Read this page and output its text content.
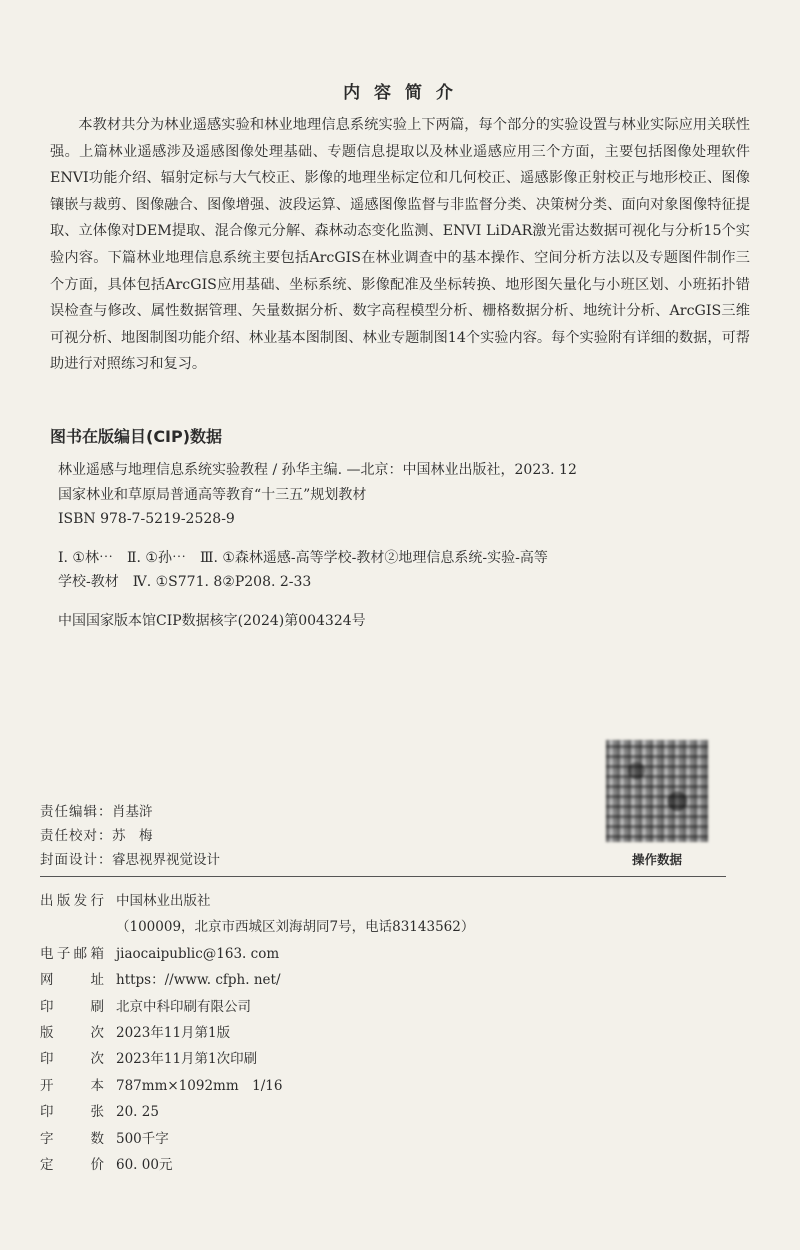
内 容 简 介

本教材共分为林业遥感实验和林业地理信息系统实验上下两篇，每个部分的实验设置与林业实际应用关联性强。上篇林业遥感涉及遥感图像处理基础、专题信息提取以及林业遥感应用三个方面，主要包括图像处理软件ENVI功能介绍、辐射定标与大气校正、影像的地理坐标定位和几何校正、遥感影像正射校正与地形校正、图像镶嵌与裁剪、图像融合、图像增强、波段运算、遥感图像监督与非监督分类、决策树分类、面向对象图像特征提取、立体像对DEM提取、混合像元分解、森林动态变化监测、ENVI LiDAR激光雷达数据可视化与分析15个实验内容。下篇林业地理信息系统主要包括ArcGIS在林业调查中的基本操作、空间分析方法以及专题图件制作三个方面，具体包括ArcGIS应用基础、坐标系统、影像配准及坐标转换、地形图矢量化与小班区划、小班拓扑错误检查与修改、属性数据管理、矢量数据分析、数字高程模型分析、栅格数据分析、地统计分析、ArcGIS三维可视分析、地图制图功能介绍、林业基本图制图、林业专题制图14个实验内容。每个实验附有详细的数据，可帮助进行对照练习和复习。

图书在版编目(CIP)数据
林业遥感与地理信息系统实验教程 / 孙华主编. —北京：中国林业出版社，2023. 12
国家林业和草原局普通高等教育“十三五”规划教材
ISBN 978-7-5219-2528-9
Ⅰ. ①林⋯　Ⅱ. ①孙⋯　Ⅲ. ①森林遥感-高等学校-教材②地理信息系统-实验-高等
学校-教材　Ⅳ. ①S771. 8②P208. 2-33
中国国家版本馆CIP数据核字(2024)第004324号
操作数据
责任编辑：肖基浒
责任校对：苏　梅
封面设计：睿思视界视觉设计
出版发行 中国林业出版社
（100009，北京市西城区刘海胡同7号，电话83143562）
电子邮箱 jiaocaipublic@163. com
网址 https：//www. cfph. net/
印刷 北京中科印刷有限公司
版次 2023年11月第1版
印次 2023年11月第1次印刷
开本 787mm×1092mm　1/16
印张 20. 25
字数 500千字
定价 60. 00元
